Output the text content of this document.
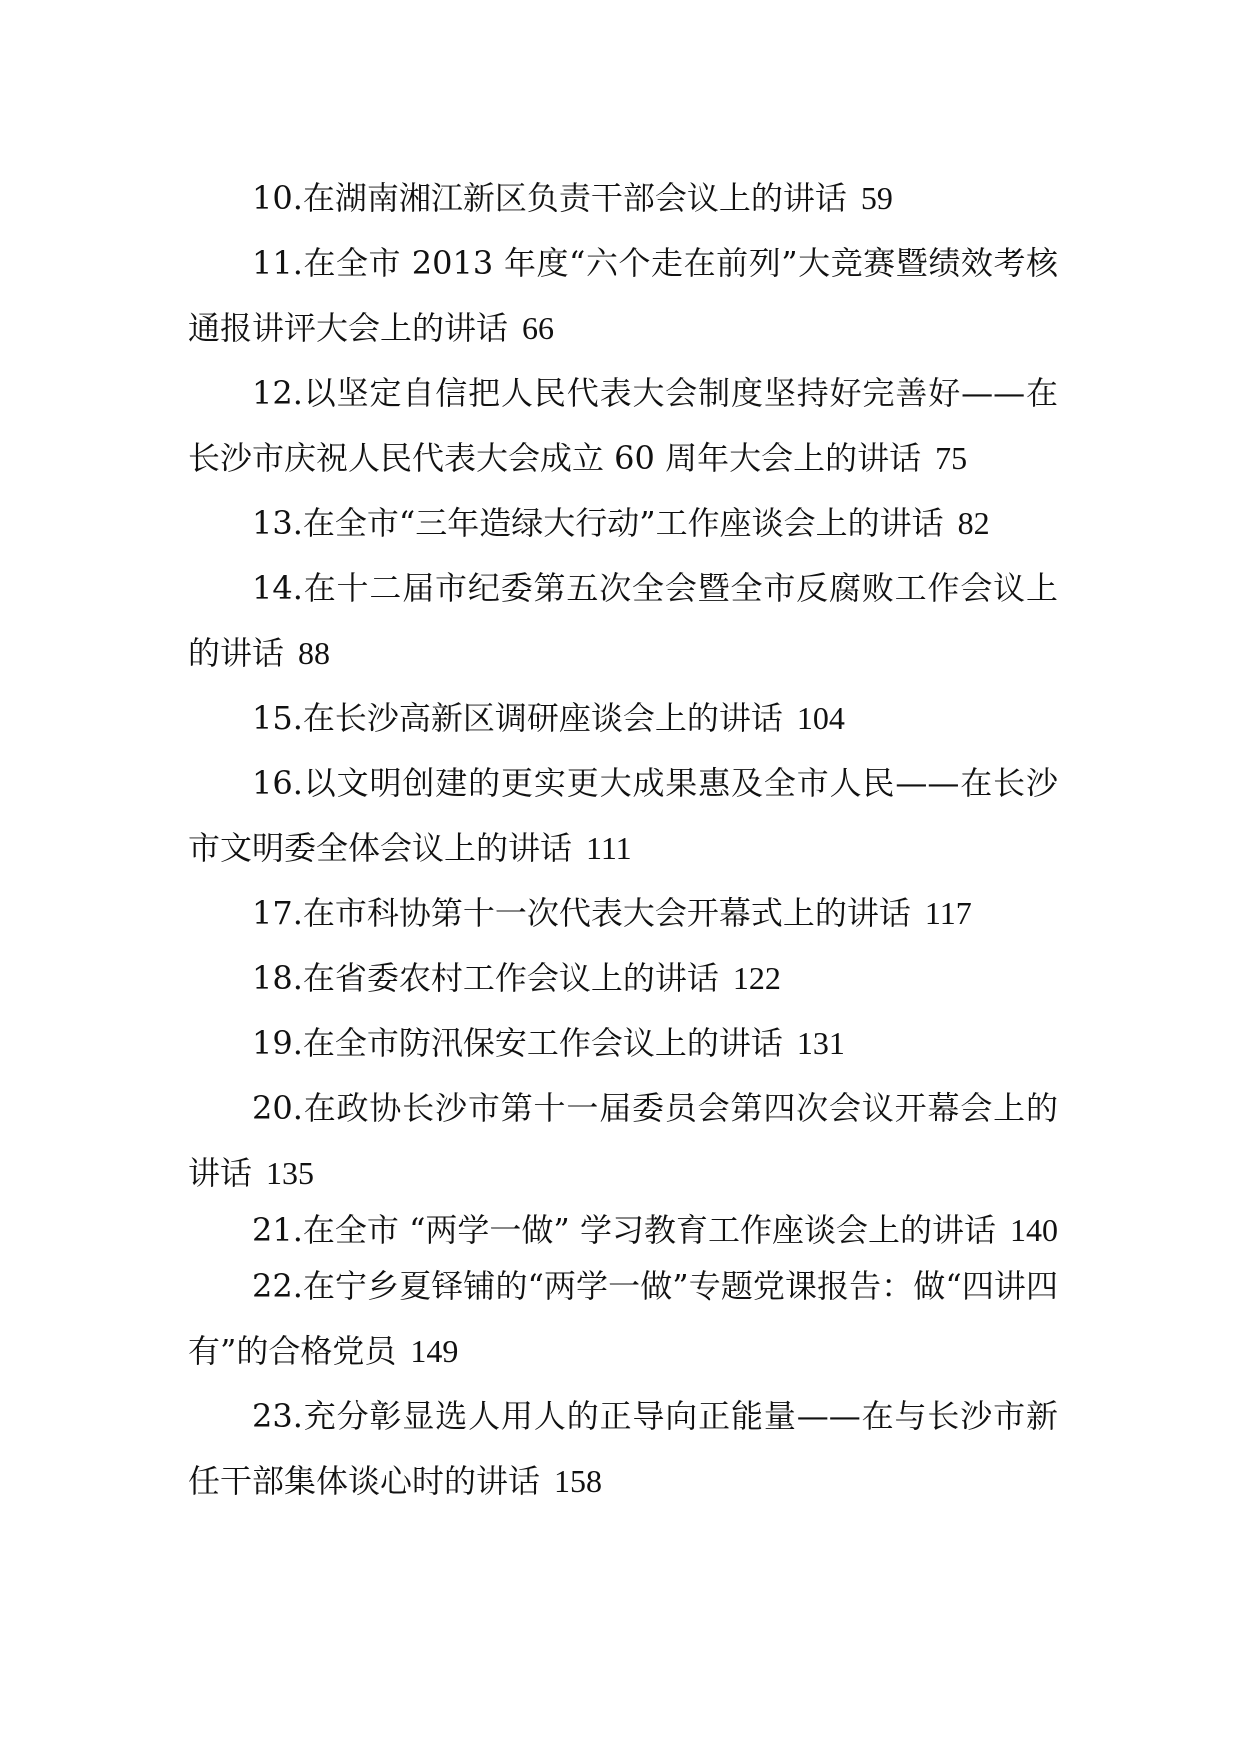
10.在湖南湘江新区负责干部会议上的讲话 59

11.在全市 2013 年度“六个走在前列”大竞赛暨绩效考核通报讲评大会上的讲话 66

12.以坚定自信把人民代表大会制度坚持好完善好——在长沙市庆祝人民代表大会成立 60 周年大会上的讲话 75

13.在全市“三年造绿大行动”工作座谈会上的讲话 82

14.在十二届市纪委第五次全会暨全市反腐败工作会议上的讲话 88

15.在长沙高新区调研座谈会上的讲话 104

16.以文明创建的更实更大成果惠及全市人民——在长沙市文明委全体会议上的讲话 111

17.在市科协第十一次代表大会开幕式上的讲话 117

18.在省委农村工作会议上的讲话 122

19.在全市防汛保安工作会议上的讲话 131

20.在政协长沙市第十一届委员会第四次会议开幕会上的讲话 135

21.在全市 “两学一做” 学习教育工作座谈会上的讲话 140

22.在宁乡夏铎铺的“两学一做”专题党课报告：做“四讲四有”的合格党员 149

23.充分彰显选人用人的正导向正能量——在与长沙市新任干部集体谈心时的讲话 158
